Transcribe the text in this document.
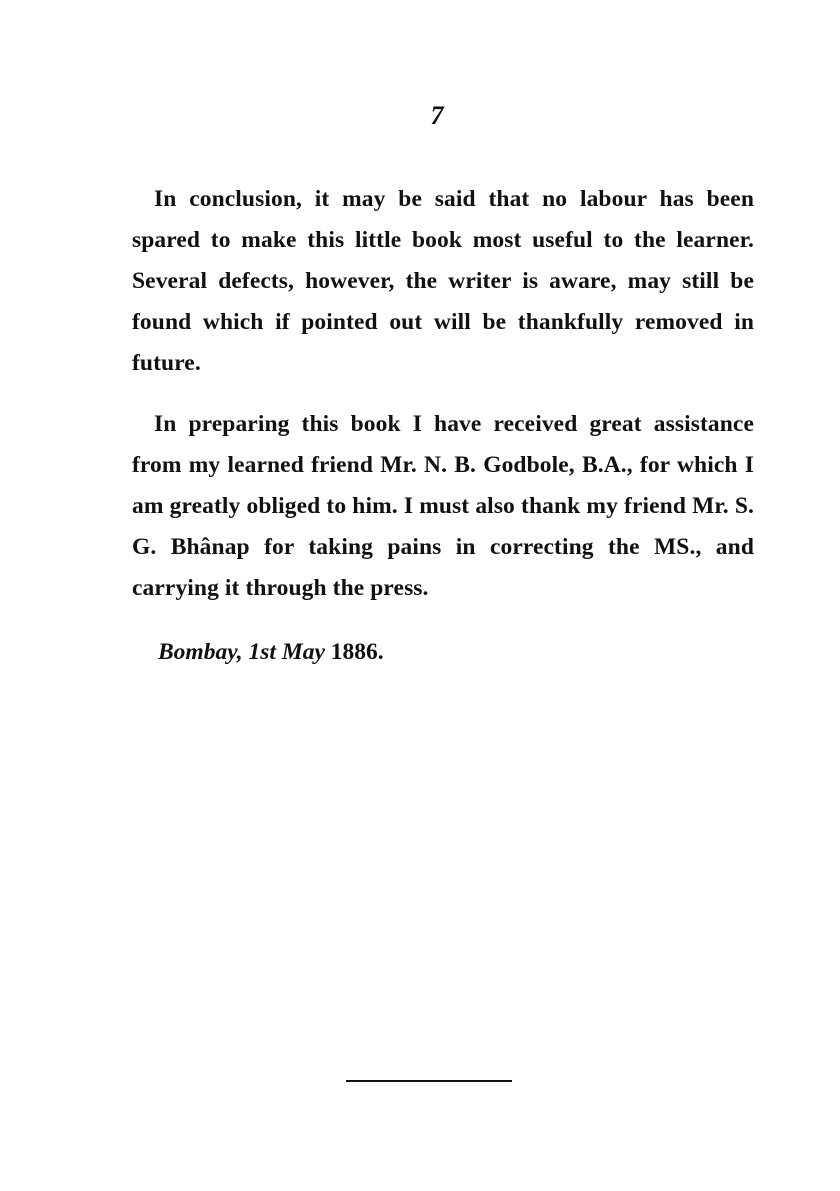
7
In conclusion, it may be said that no labour has been spared to make this little book most useful to the learner. Several defects, however, the writer is aware, may still be found which if pointed out will be thankfully removed in future.
In preparing this book I have received great assistance from my learned friend Mr. N. B. Godbole, B.A., for which I am greatly obliged to him. I must also thank my friend Mr. S. G. Bhânap for taking pains in correcting the MS., and carrying it through the press.
Bombay, 1st May 1886.
